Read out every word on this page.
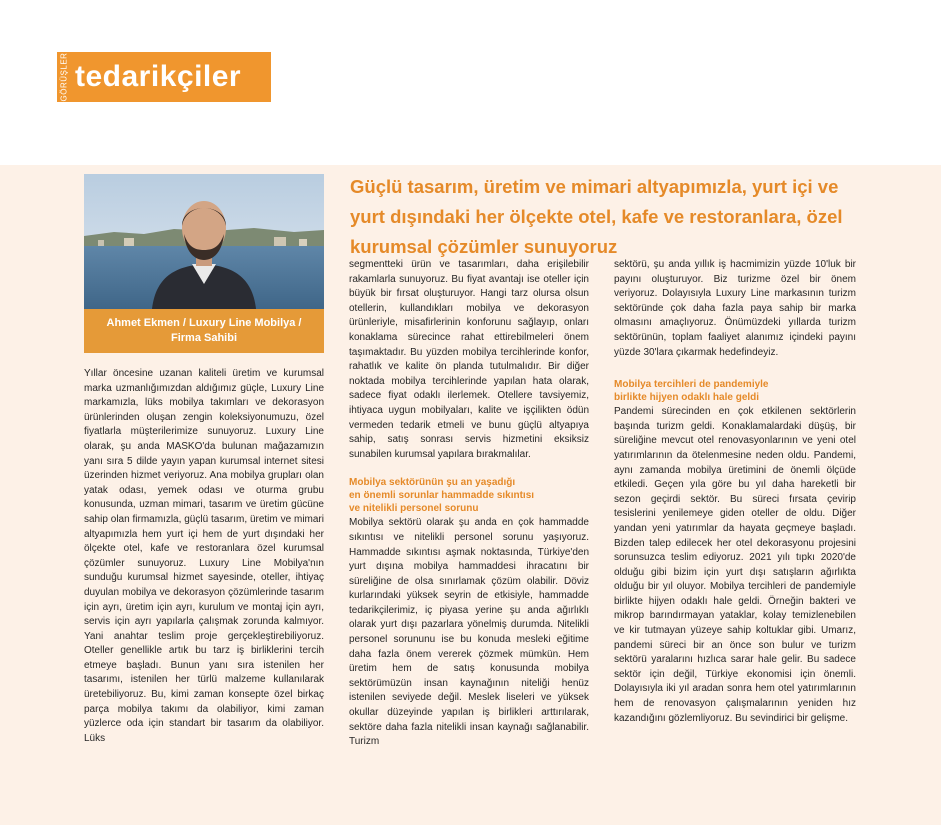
GÖRÜŞLER tedarikçiler
Ahmet Ekmen / Luxury Line Mobilya /
Firma Sahibi
Güçlü tasarım, üretim ve mimari altyapımızla, yurt içi ve yurt dışındaki her ölçekte otel, kafe ve restoranlara, özel kurumsal çözümler sunuyoruz

Yıllar öncesine uzanan kaliteli üretim ve kurumsal marka uzmanlığımızdan aldığımız güçle, Luxury Line markamızla, lüks mobilya takımları ve dekorasyon ürünlerinden oluşan zengin koleksiyonumuzu, özel fiyatlarla müşterilerimize sunuyoruz. Luxury Line olarak, şu anda MASKO'da bulunan mağazamızın yanı sıra 5 dilde yayın yapan kurumsal internet sitesi üzerinden hizmet veriyoruz. Ana mobilya grupları olan yatak odası, yemek odası ve oturma grubu konusunda, uzman mimari, tasarım ve üretim gücüne sahip olan firmamızla, güçlü tasarım, üretim ve mimari altyapımızla hem yurt içi hem de yurt dışındaki her ölçekte otel, kafe ve restoranlara özel kurumsal çözümler sunuyoruz. Luxury Line Mobilya'nın sunduğu kurumsal hizmet sayesinde, oteller, ihtiyaç duyulan mobilya ve dekorasyon çözümlerinde tasarım için ayrı, üretim için ayrı, kurulum ve montaj için ayrı, servis için ayrı yapılarla çalışmak zorunda kalmıyor. Yani anahtar teslim proje gerçekleştirebiliyoruz. Oteller genellikle artık bu tarz iş birliklerini tercih etmeye başladı. Bunun yanı sıra istenilen her tasarımı, istenilen her türlü malzeme kullanılarak üretebiliyoruz. Bu, kimi zaman konsepte özel birkaç parça mobilya takımı da olabiliyor, kimi zaman yüzlerce oda için standart bir tasarım da olabiliyor. Lüks

segmentteki ürün ve tasarımları, daha erişilebilir rakamlarla sunuyoruz. Bu fiyat avantajı ise oteller için büyük bir fırsat oluşturuyor. Hangi tarz olursa olsun otellerin, kullandıkları mobilya ve dekorasyon ürünleriyle, misafirlerinin konforunu sağlayıp, onları konaklama sürecince rahat ettirebilmeleri önem taşımaktadır. Bu yüzden mobilya tercihlerinde konfor, rahatlık ve kalite ön planda tutulmalıdır. Bir diğer noktada mobilya tercihlerinde yapılan hata olarak, sadece fiyat odaklı ilerlemek. Otellere tavsiyemiz, ihtiyaca uygun mobilyaları, kalite ve işçilikten ödün vermeden tedarik etmeli ve bunu güçlü altyapıya sahip, satış sonrası servis hizmetini eksiksiz sunabilen kurumsal yapılara bırakmalılar.

Mobilya sektörünün şu an yaşadığı
en önemli sorunlar hammadde sıkıntısı
ve nitelikli personel sorunu

Mobilya sektörü olarak şu anda en çok hammadde sıkıntısı ve nitelikli personel sorunu yaşıyoruz. Hammadde sıkıntısı aşmak noktasında, Türkiye'den yurt dışına mobilya hammaddesi ihracatını bir süreliğine de olsa sınırlamak çözüm olabilir. Döviz kurlarındaki yüksek seyrin de etkisiyle, hammadde tedarikçilerimiz, iç piyasa yerine şu anda ağırlıklı olarak yurt dışı pazarlara yönelmiş durumda. Nitelikli personel sorununu ise bu konuda mesleki eğitime daha fazla önem vererek çözmek mümkün. Hem üretim hem de satış konusunda mobilya sektörümüzün insan kaynağının niteliği henüz istenilen seviyede değil. Meslek liseleri ve yüksek okullar düzeyinde yapılan iş birlikleri arttırılarak, sektöre daha fazla nitelikli insan kaynağı sağlanabilir. Turizm

sektörü, şu anda yıllık iş hacmimizin yüzde 10'luk bir payını oluşturuyor. Biz turizme özel bir önem veriyoruz. Dolayısıyla Luxury Line markasının turizm sektöründe çok daha fazla paya sahip bir marka olmasını amaçlıyoruz. Önümüzdeki yıllarda turizm sektörünün, toplam faaliyet alanımız içindeki payını yüzde 30'lara çıkarmak hedefindeyiz.

Mobilya tercihleri de pandemiyle
birlikte hijyen odaklı hale geldi

Pandemi sürecinden en çok etkilenen sektörlerin başında turizm geldi. Konaklamalardaki düşüş, bir süreliğine mevcut otel renovasyonlarının ve yeni otel yatırımlarının da ötelenmesine neden oldu. Pandemi, aynı zamanda mobilya üretimini de önemli ölçüde etkiledi. Geçen yıla göre bu yıl daha hareketli bir sezon geçirdi sektör. Bu süreci fırsata çevirip tesislerini yenilemeye giden oteller de oldu. Diğer yandan yeni yatırımlar da hayata geçmeye başladı. Bizden talep edilecek her otel dekorasyonu projesini sorunsuzca teslim ediyoruz. 2021 yılı tıpkı 2020'de olduğu gibi bizim için yurt dışı satışların ağırlıkta olduğu bir yıl oluyor. Mobilya tercihleri de pandemiyle birlikte hijyen odaklı hale geldi. Örneğin bakteri ve mikrop barındırmayan yataklar, kolay temizlenebilen ve kir tutmayan yüzeye sahip koltuklar gibi. Umarız, pandemi süreci bir an önce son bulur ve turizm sektörü yaralarını hızlıca sarar hale gelir. Bu sadece sektör için değil, Türkiye ekonomisi için önemli. Dolayısıyla iki yıl aradan sonra hem otel yatırımlarının hem de renovasyon çalışmalarının yeniden hız kazandığını gözlemliyoruz. Bu sevindirici bir gelişme.
